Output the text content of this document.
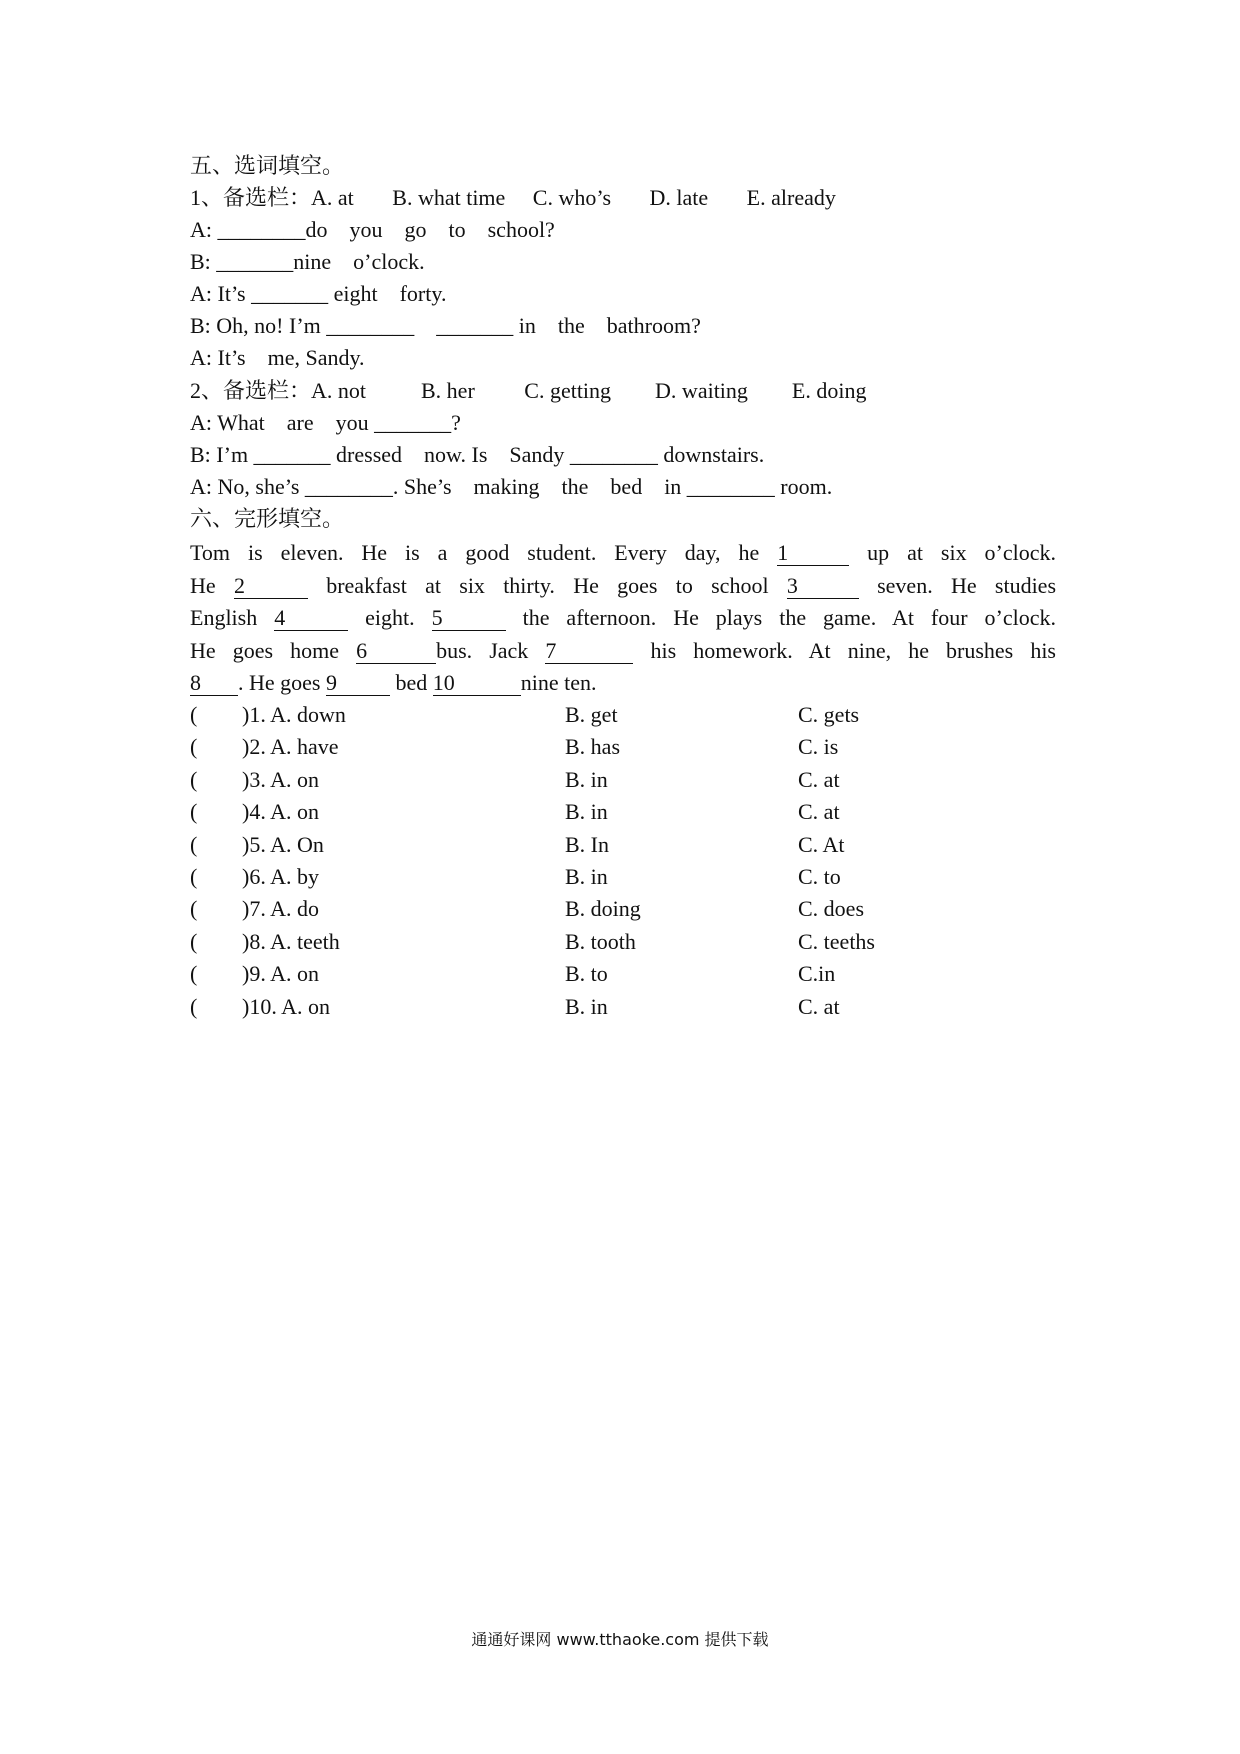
五、选词填空。
1、备选栏：A. at       B. what time     C. who’s       D. late       E. already
A: ________do    you    go    to    school?
B: _______nine    o’clock.
A: It’s _______ eight    forty.
B: Oh, no! I’m ________    _______ in    the    bathroom?
A: It’s    me, Sandy.
2、备选栏：A. not          B. her         C. getting        D. waiting        E. doing
A: What    are    you _______?
B: I’m _______ dressed    now. Is    Sandy ________ downstairs.
A: No, she’s ________. She’s    making    the    bed    in ________ room.
六、完形填空。
Tom is eleven. He is a good student. Every day, he 1	up at six o’clock.
He 2	breakfast at six thirty. He goes to school 3	seven. He studies
English 4	eight. 5	the afternoon. He plays the game. At four o’clock.
He goes home 6	bus. Jack 7	his homework. At nine, he brushes his
8 . He goes 9 bed 10	nine ten.
( )1. A. down	B. get	C. gets
( )2. A. have	B. has	C. is
( )3. A. on	B. in	C. at
( )4. A. on	B. in	C. at
( )5. A. On	B. In	C. At
( )6. A. by	B. in	C. to
( )7. A. do	B. doing	C. does
( )8. A. teeth	B. tooth	C. teeths
( )9. A. on	B. to	C.in
( )10. A. on	B. in	C. at
通通好课网 www.tthaoke.com 提供下载
